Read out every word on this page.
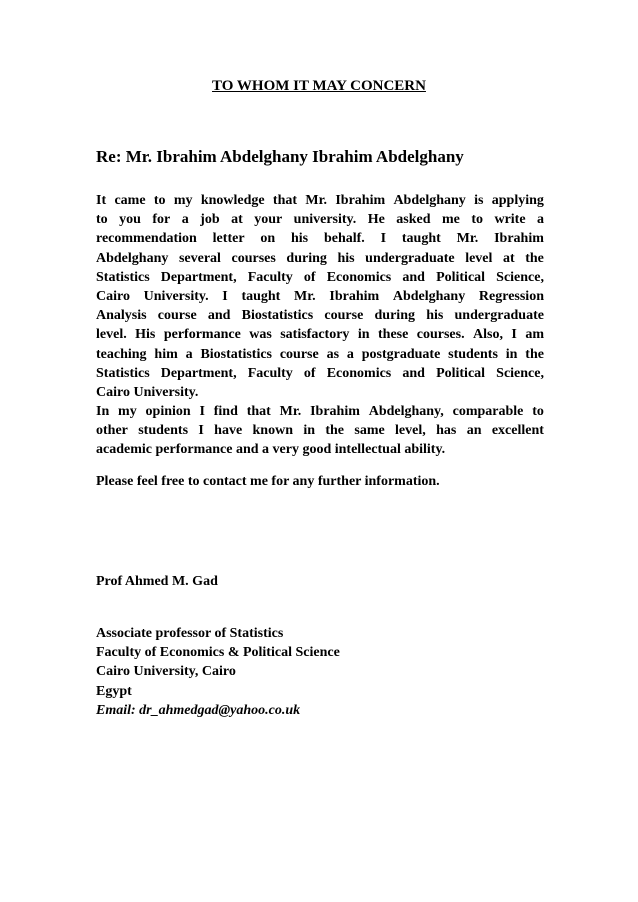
TO WHOM IT MAY CONCERN
Re: Mr. Ibrahim Abdelghany Ibrahim Abdelghany
It came to my knowledge that Mr. Ibrahim Abdelghany is applying
to you for a job at your university. He asked me to write a
recommendation letter on his behalf. I taught Mr. Ibrahim
Abdelghany several courses during his undergraduate level at the
Statistics Department, Faculty of Economics and Political Science,
Cairo University. I taught Mr. Ibrahim Abdelghany Regression
Analysis course and Biostatistics course during his undergraduate
level. His performance was satisfactory in these courses. Also, I am
teaching him a Biostatistics course as a postgraduate students in the
Statistics Department, Faculty of Economics and Political Science,
Cairo University.
In my opinion I find that Mr. Ibrahim Abdelghany, comparable to
other students I have known in the same level, has an excellent
academic performance and a very good intellectual ability.
Please feel free to contact me for any further information.
Prof Ahmed M. Gad
Associate professor of Statistics
Faculty of Economics & Political Science
Cairo University, Cairo
Egypt
Email: dr_ahmedgad@yahoo.co.uk
